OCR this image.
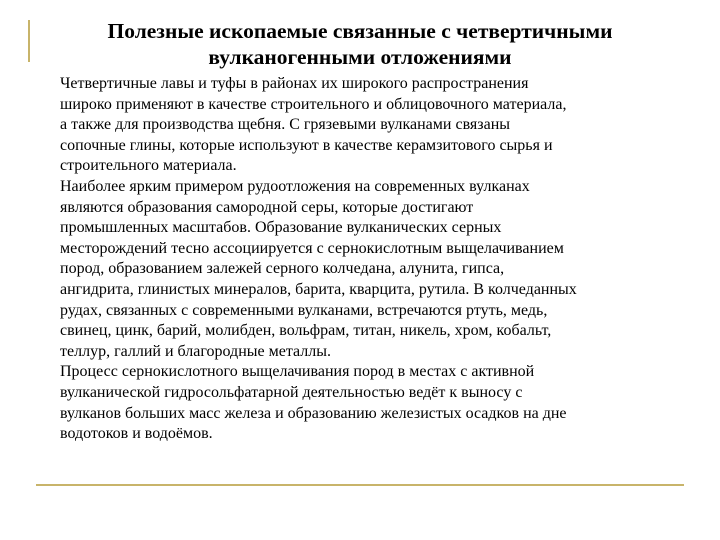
Полезные ископаемые связанные с четвертичными
вулканогенными отложениями

Четвертичные лавы и туфы в районах их широкого распространения
широко применяют в качестве строительного и облицовочного материала,
а также для производства щебня. С грязевыми вулканами связаны
сопочные глины, которые используют в качестве керамзитового сырья и
строительного материала.

Наиболее ярким примером рудоотложения на современных вулканах
являются образования самородной серы, которые достигают
промышленных масштабов. Образование вулканических серных
месторождений тесно ассоциируется с сернокислотным выщелачиванием
пород, образованием залежей серного колчедана, алунита, гипса,
ангидрита, глинистых минералов, барита, кварцита, рутила. В колчеданных
рудах, связанных с современными вулканами, встречаются ртуть, медь,
свинец, цинк, барий, молибден, вольфрам, титан, никель, хром, кобальт,
теллур, галлий и благородные металлы.

Процесс сернокислотного выщелачивания пород в местах с активной
вулканической гидросольфатарной деятельностью ведёт к выносу с
вулканов больших масс железа и образованию железистых осадков на дне
водотоков и водоёмов.
